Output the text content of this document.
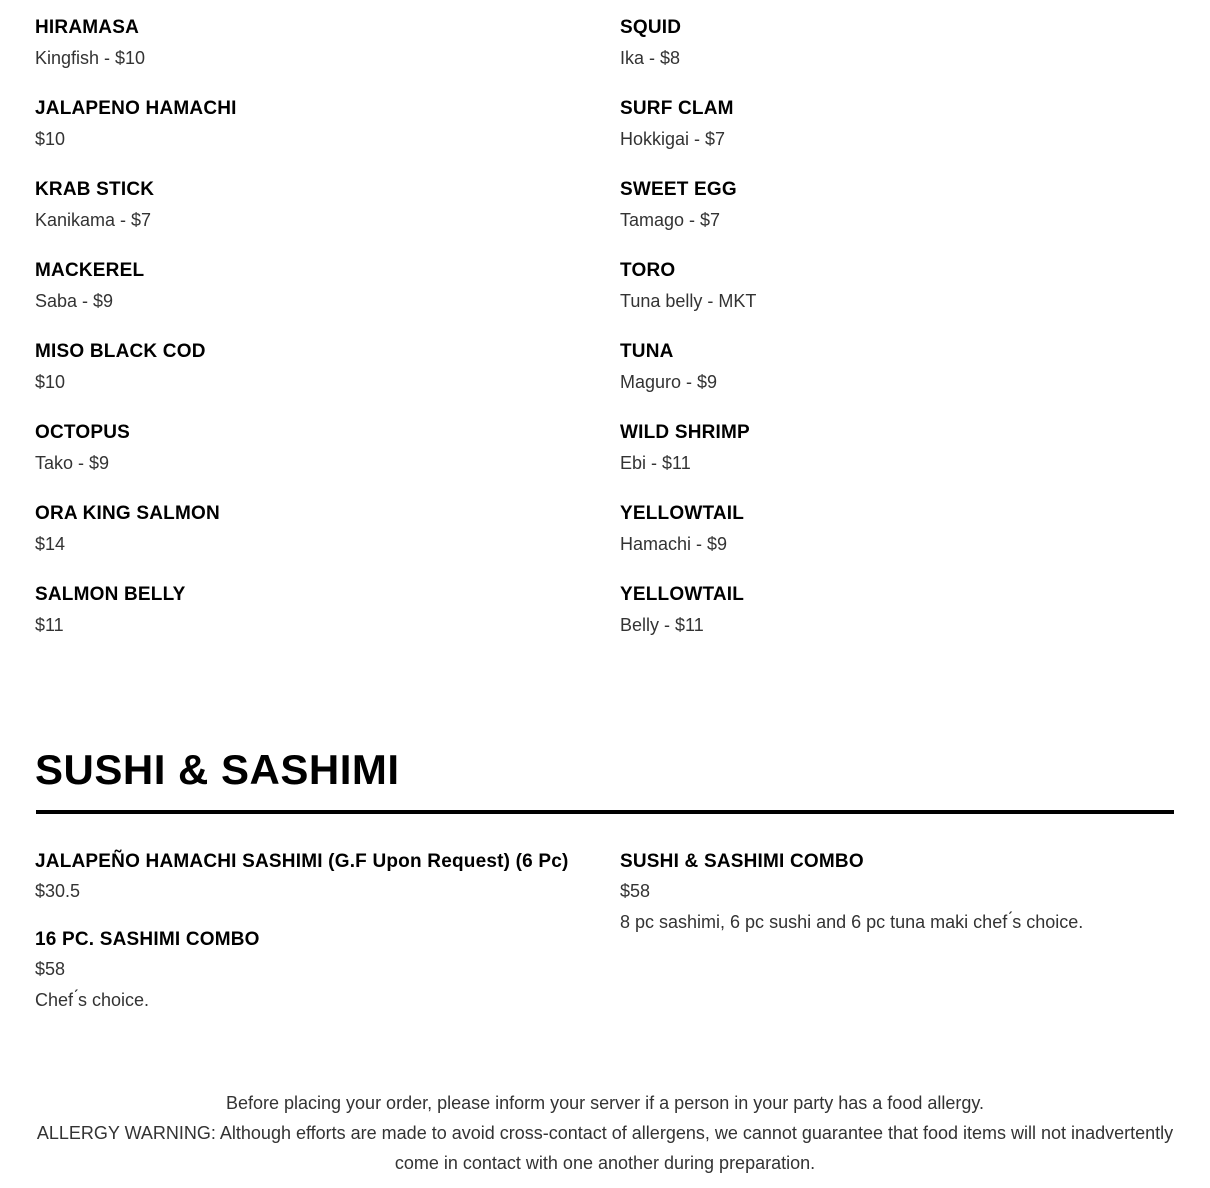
HIRAMASA
Kingfish - $10
JALAPENO HAMACHI
$10
KRAB STICK
Kanikama - $7
MACKEREL
Saba - $9
MISO BLACK COD
$10
OCTOPUS
Tako - $9
ORA KING SALMON
$14
SALMON BELLY
$11
SQUID
Ika - $8
SURF CLAM
Hokkigai - $7
SWEET EGG
Tamago - $7
TORO
Tuna belly - MKT
TUNA
Maguro - $9
WILD SHRIMP
Ebi - $11
YELLOWTAIL
Hamachi - $9
YELLOWTAIL
Belly - $11
SUSHI & SASHIMI
JALAPEÑO HAMACHI SASHIMI (G.F Upon Request) (6 Pc)
$30.5
16 PC. SASHIMI COMBO
$58
Chef ́s choice.
SUSHI & SASHIMI COMBO
$58
8 pc sashimi, 6 pc sushi and 6 pc tuna maki chef ́s choice.

Before placing your order, please inform your server if a person in your party has a food allergy.

ALLERGY WARNING: Although efforts are made to avoid cross-contact of allergens, we cannot guarantee that food items will not inadvertently come in contact with one another during preparation.
